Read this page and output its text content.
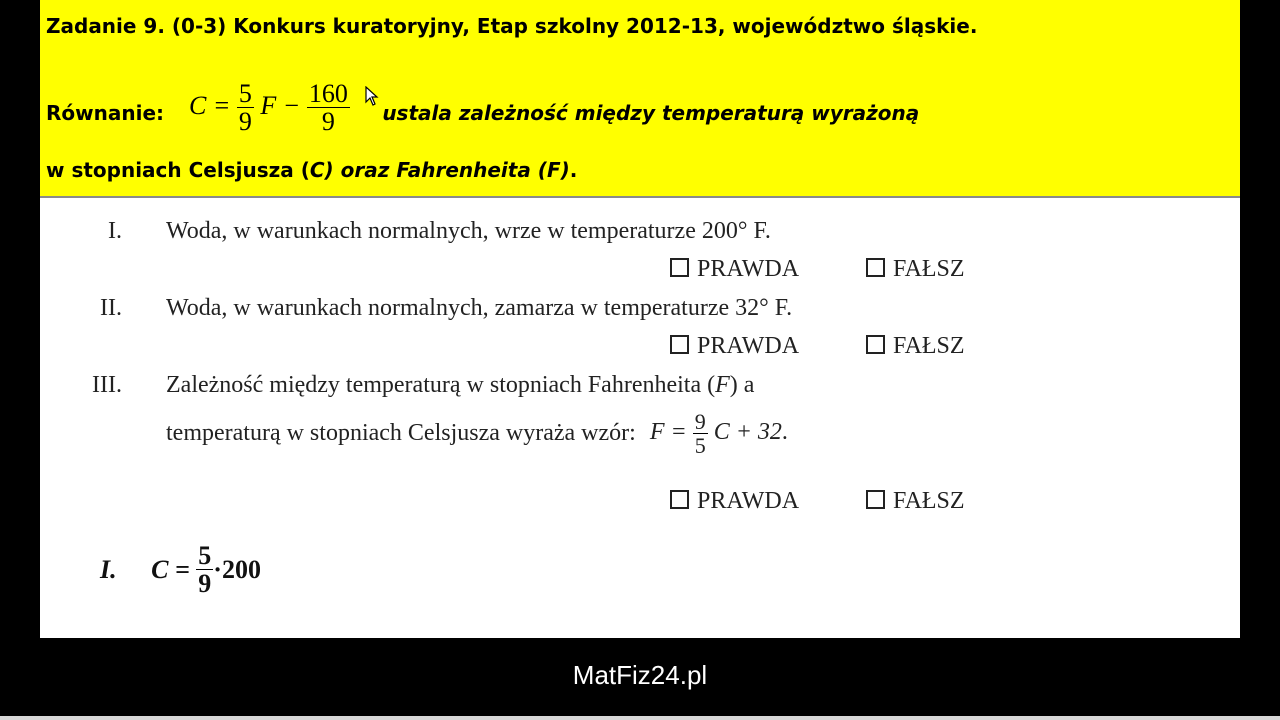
Zadanie 9. (0-3) Konkurs kuratoryjny, Etap szkolny 2012-13, województwo śląskie.
Równanie: $C = \frac{5}{9}$ $F - \frac{160}{9}$ ustala zależność między temperaturą wyrażoną
w stopniach Celsjusza (C) oraz Fahrenheita (F).
I. Woda, w warunkach normalnych, wrze w temperaturze 200° F.
PRAWDA	FAŁSZ
II. Woda, w warunkach normalnych, zamarza w temperaturze 32° F.
PRAWDA	FAŁSZ
III. Zależność między temperaturą w stopniach Fahrenheita (F) a
temperaturą w stopniach Celsjusza wyraża wzór: $F = \frac{9}{5}$ C + 32.
PRAWDA	FAŁSZ
I. $C = \frac{5}{9} \cdot 200$
MatFiz24.pl
